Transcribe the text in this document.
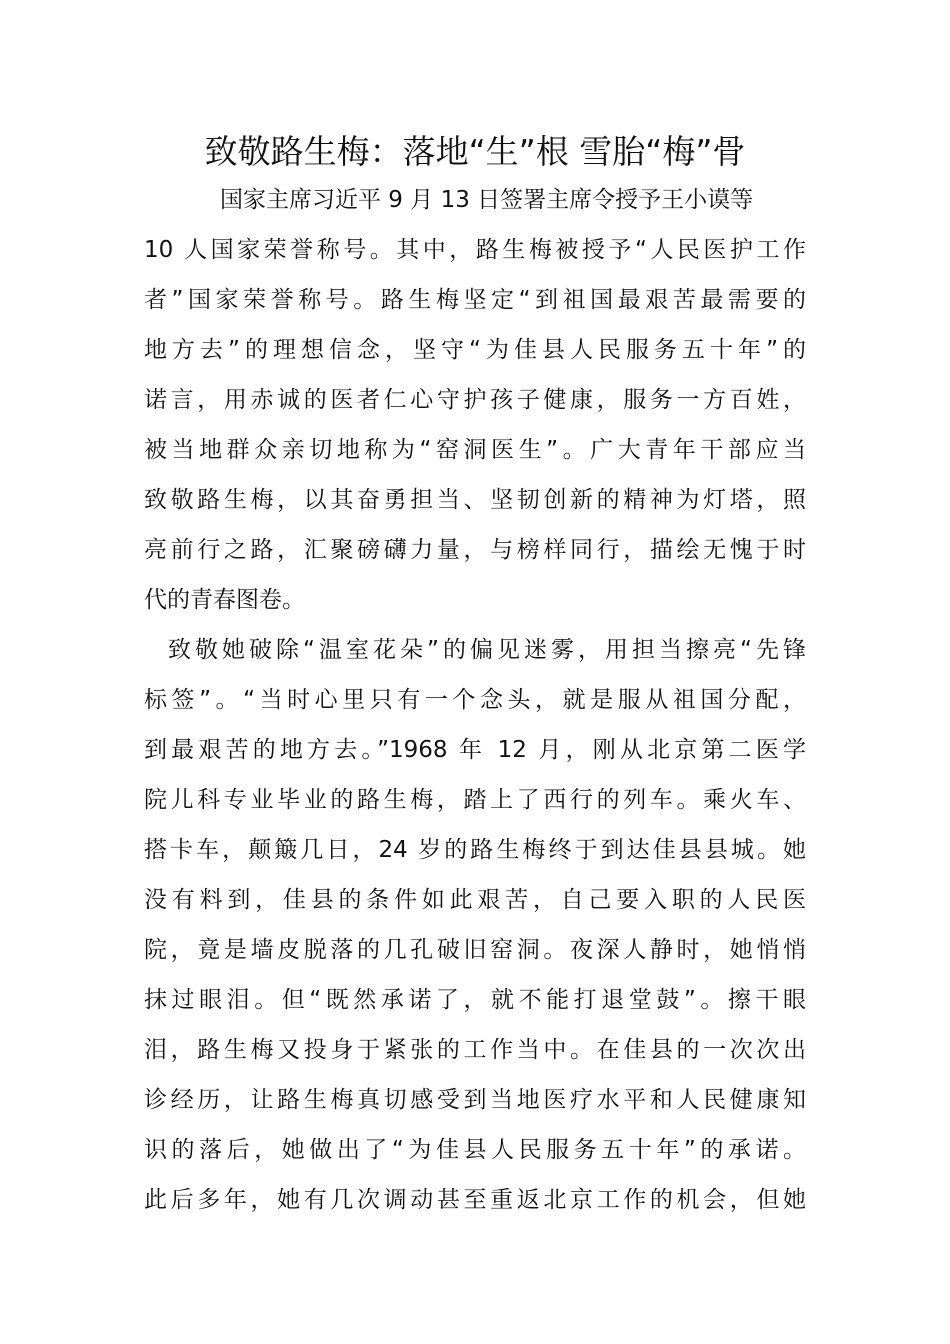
致敬路生梅：落地“生”根 雪胎“梅”骨
国家主席习近平 9 月 13 日签署主席令授予王小谟等
10 人国家荣誉称号。其中，路生梅被授予“人民医护工作
者”国家荣誉称号。路生梅坚定“到祖国最艰苦最需要的
地方去”的理想信念，坚守“为佳县人民服务五十年”的
诺言，用赤诚的医者仁心守护孩子健康，服务一方百姓，
被当地群众亲切地称为“窑洞医生”。广大青年干部应当
致敬路生梅，以其奋勇担当、坚韧创新的精神为灯塔，照
亮前行之路，汇聚磅礴力量，与榜样同行，描绘无愧于时
代的青春图卷。
致敬她破除“温室花朵”的偏见迷雾，用担当擦亮“先锋
标签”。“当时心里只有一个念头，就是服从祖国分配，
到最艰苦的地方去。”1968 年 12 月，刚从北京第二医学
院儿科专业毕业的路生梅，踏上了西行的列车。乘火车、
搭卡车，颠簸几日，24 岁的路生梅终于到达佳县县城。她
没有料到，佳县的条件如此艰苦，自己要入职的人民医
院，竟是墙皮脱落的几孔破旧窑洞。夜深人静时，她悄悄
抹过眼泪。但“既然承诺了，就不能打退堂鼓”。擦干眼
泪，路生梅又投身于紧张的工作当中。在佳县的一次次出
诊经历，让路生梅真切感受到当地医疗水平和人民健康知
识的落后，她做出了“为佳县人民服务五十年”的承诺。
此后多年，她有几次调动甚至重返北京工作的机会，但她
